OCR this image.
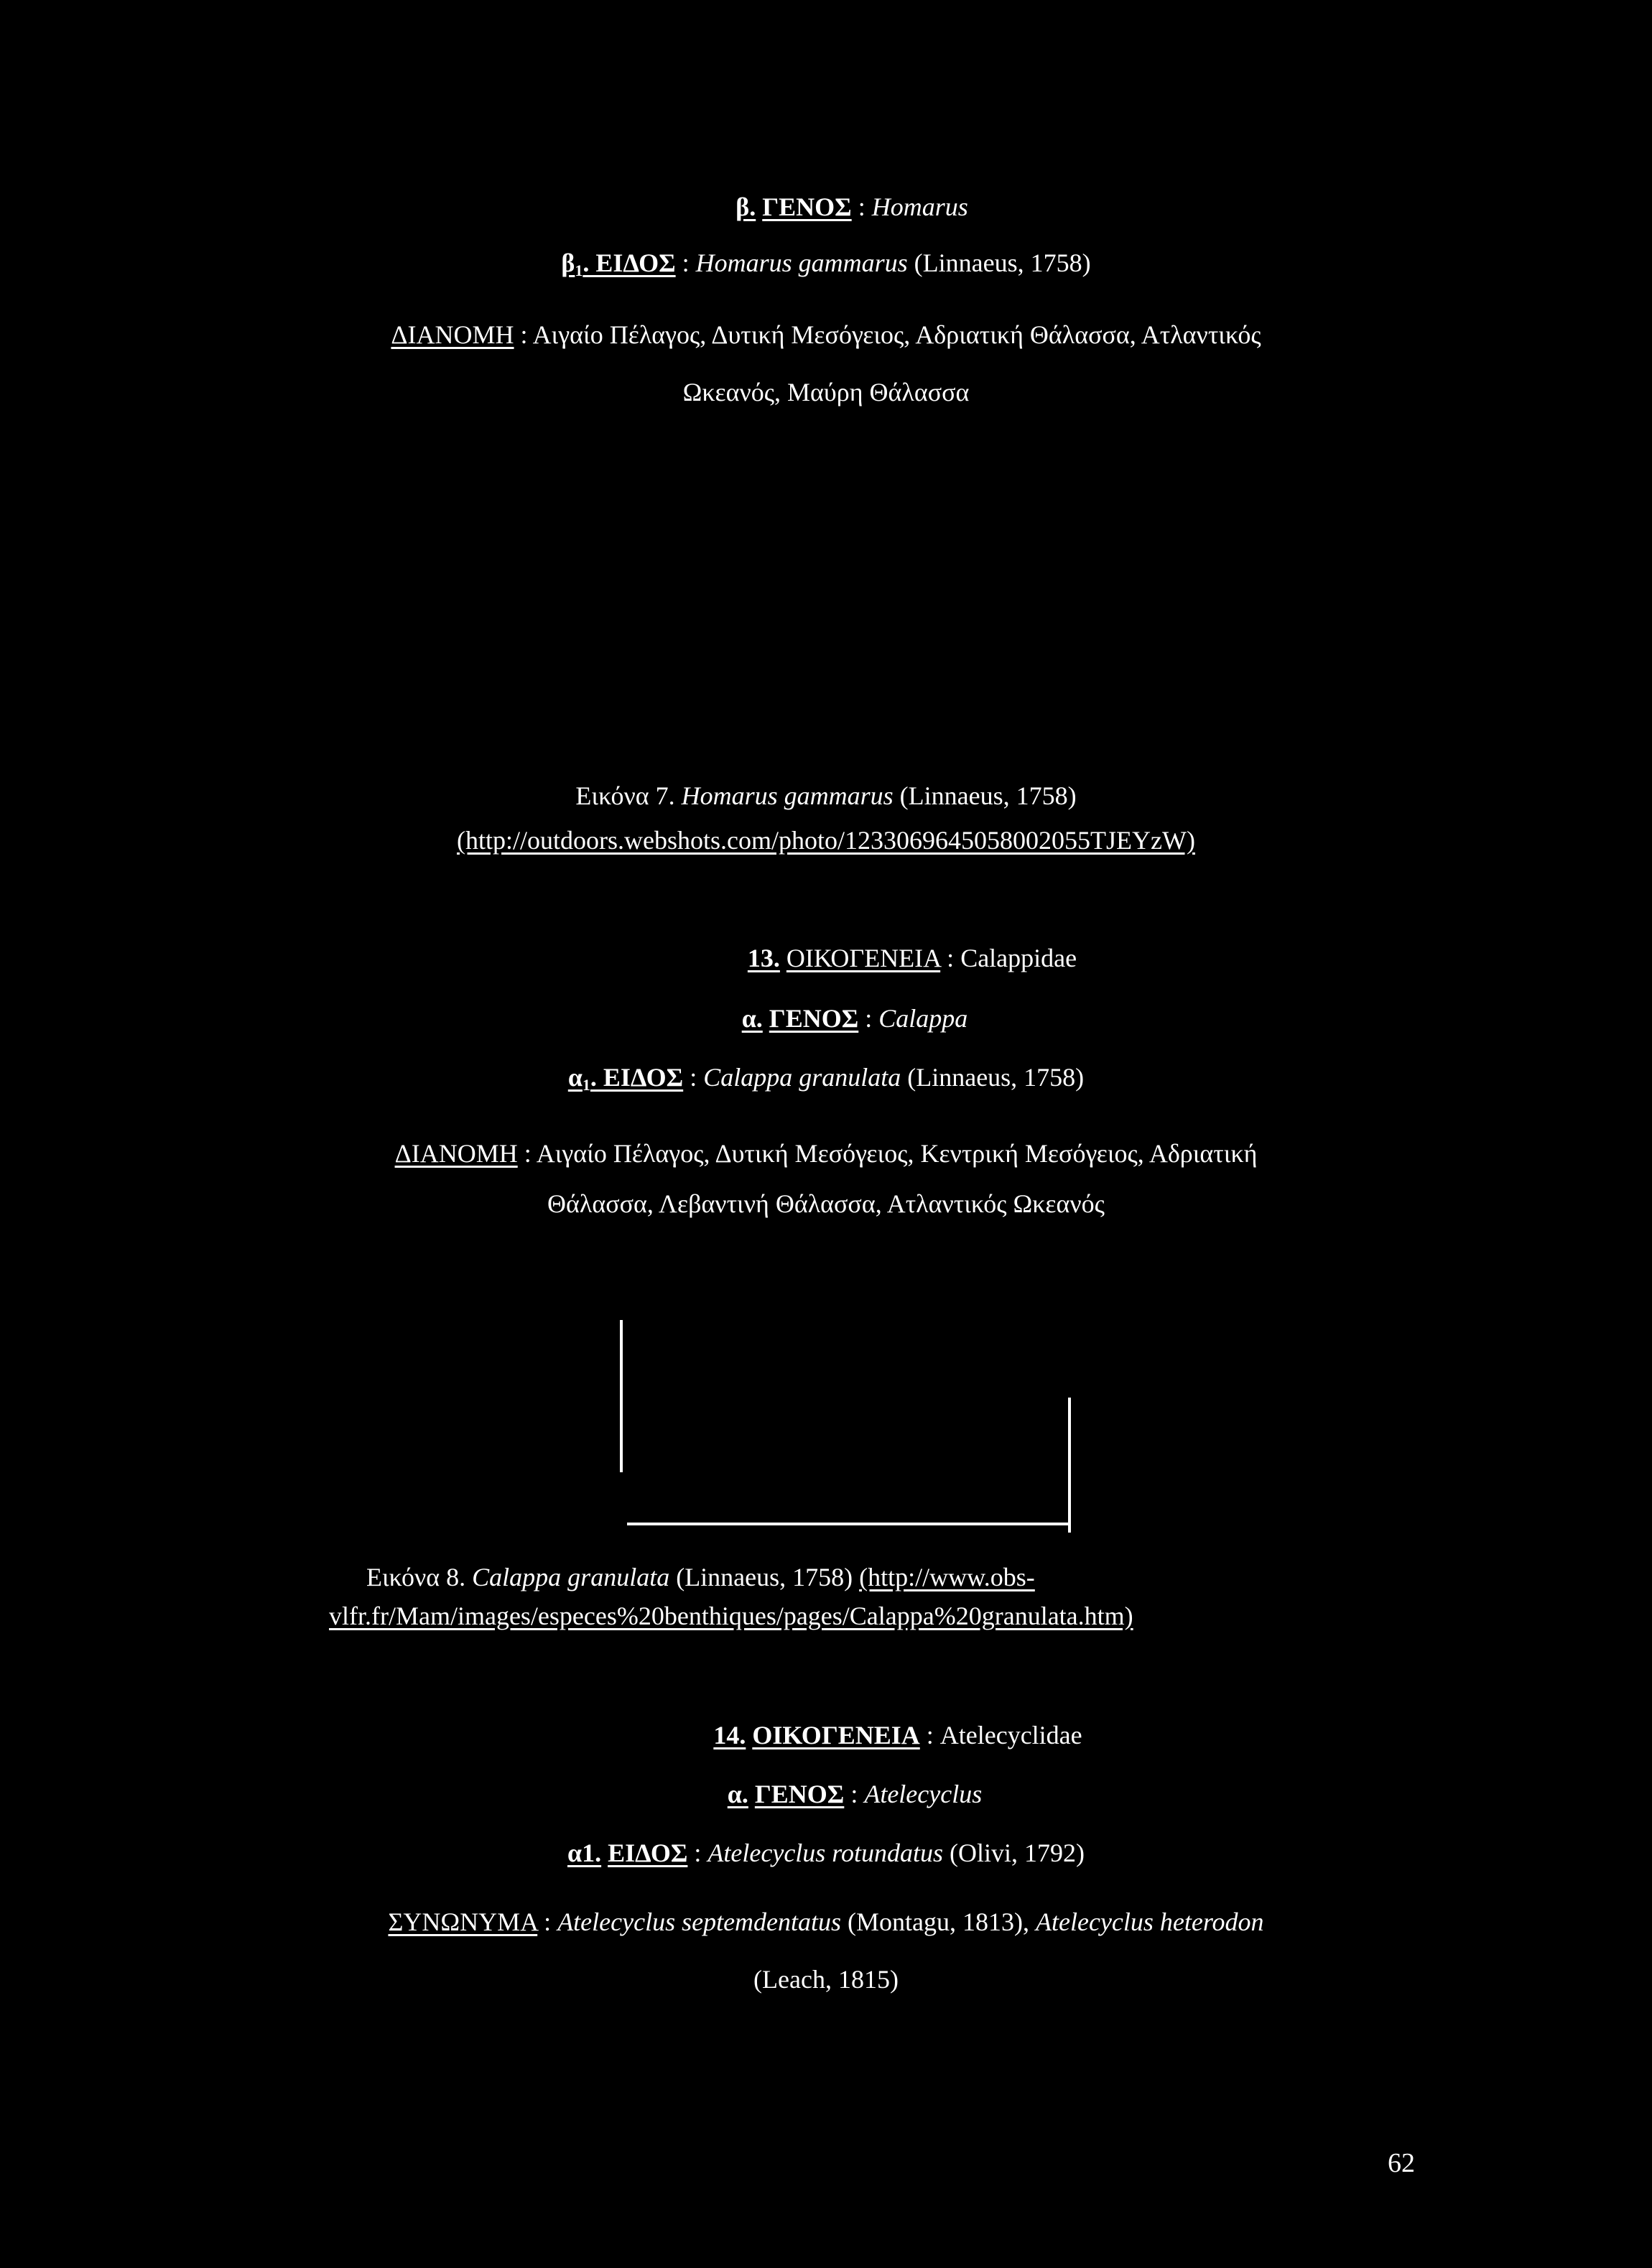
β. ΓΕΝΟΣ : Homarus
$\beta_1$. ΕΙΔΟΣ : Homarus gammarus (Linnaeus, 1758)
ΔΙΑΝΟΜΗ : Αιγαίο Πέλαγος, Δυτική Μεσόγειος, Αδριατική Θάλασσα, Ατλαντικός
Ωκεανός, Μαύρη Θάλασσα
Εικόνα 7. Homarus gammarus (Linnaeus, 1758)
(http://outdoors.webshots.com/photo/1233069645058002055TJEYzW)
13. ΟΙΚΟΓΕΝΕΙΑ : Calappidae
α. ΓΕΝΟΣ : Calappa
$\alpha_1$. ΕΙΔΟΣ : Calappa granulata (Linnaeus, 1758)
ΔΙΑΝΟΜΗ : Αιγαίο Πέλαγος, Δυτική Μεσόγειος, Κεντρική Μεσόγειος, Αδριατική
Θάλασσα, Λεβαντινή Θάλασσα, Ατλαντικός Ωκεανός
Εικόνα 8. Calappa granulata (Linnaeus, 1758) (http://www.obs-
vlfr.fr/Mam/images/especes%20benthiques/pages/Calappa%20granulata.htm)
14. ΟΙΚΟΓΕΝΕΙΑ : Atelecyclidae
α. ΓΕΝΟΣ : Atelecyclus
α1. ΕΙΔΟΣ : Atelecyclus rotundatus (Olivi, 1792)
ΣΥΝΩΝΥΜΑ : Atelecyclus septemdentatus (Montagu, 1813), Atelecyclus heterodon
(Leach, 1815)
62
